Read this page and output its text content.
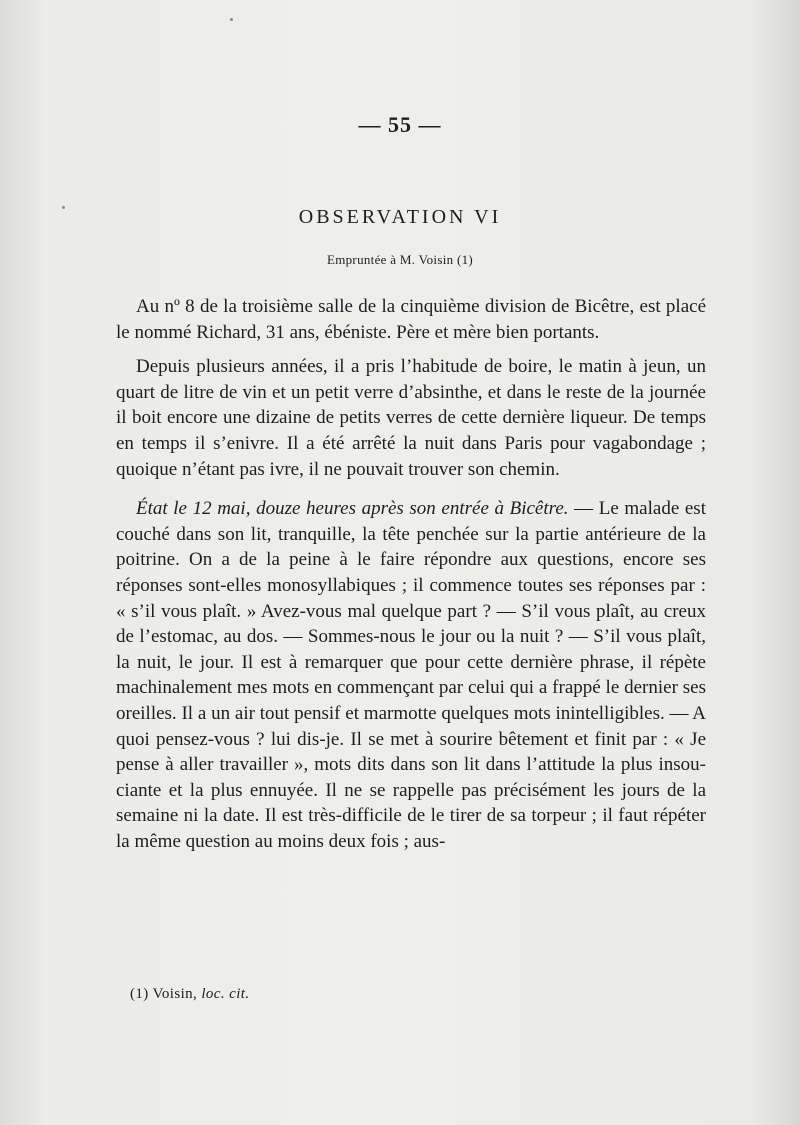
— 55 —
OBSERVATION VI
Empruntée à M. Voisin (1)

Au nº 8 de la troisième salle de la cinquième division de Bicêtre, est placé le nommé Richard, 31 ans, ébéniste. Père et mère bien portants.

Depuis plusieurs années, il a pris l’habitude de boire, le matin à jeun, un quart de litre de vin et un petit verre d’absinthe, et dans le reste de la journée il boit encore une dizaine de petits verres de cette dernière liqueur. De temps en temps il s’enivre. Il a été arrêté la nuit dans Paris pour vagabondage ; quoique n’étant pas ivre, il ne pouvait trouver son chemin.

État le 12 mai, douze heures après son entrée à Bicêtre. — Le malade est couché dans son lit, tranquille, la tête penchée sur la partie antérieure de la poitrine. On a de la peine à le faire répondre aux questions, encore ses réponses sont-elles monosyllabiques ; il commence toutes ses réponses par : « s’il vous plaît. » Avez-vous mal quelque part ? — S’il vous plaît, au creux de l’estomac, au dos. — Sommes-nous le jour ou la nuit ? — S’il vous plaît, la nuit, le jour. Il est à remarquer que pour cette dernière phrase, il répète machinalement mes mots en commençant par celui qui a frappé le dernier ses oreilles. Il a un air tout pensif et marmotte quelques mots inintelligibles. — A quoi pensez-vous ? lui dis-je. Il se met à sourire bêtement et finit par : « Je pense à aller travailler », mots dits dans son lit dans l’attitude la plus insouciante et la plus ennuyée. Il ne se rappelle pas précisément les jours de la semaine ni la date. Il est très-difficile de le tirer de sa torpeur ; il faut répéter la même question au moins deux fois ; aus-

(1) Voisin, loc. cit.
